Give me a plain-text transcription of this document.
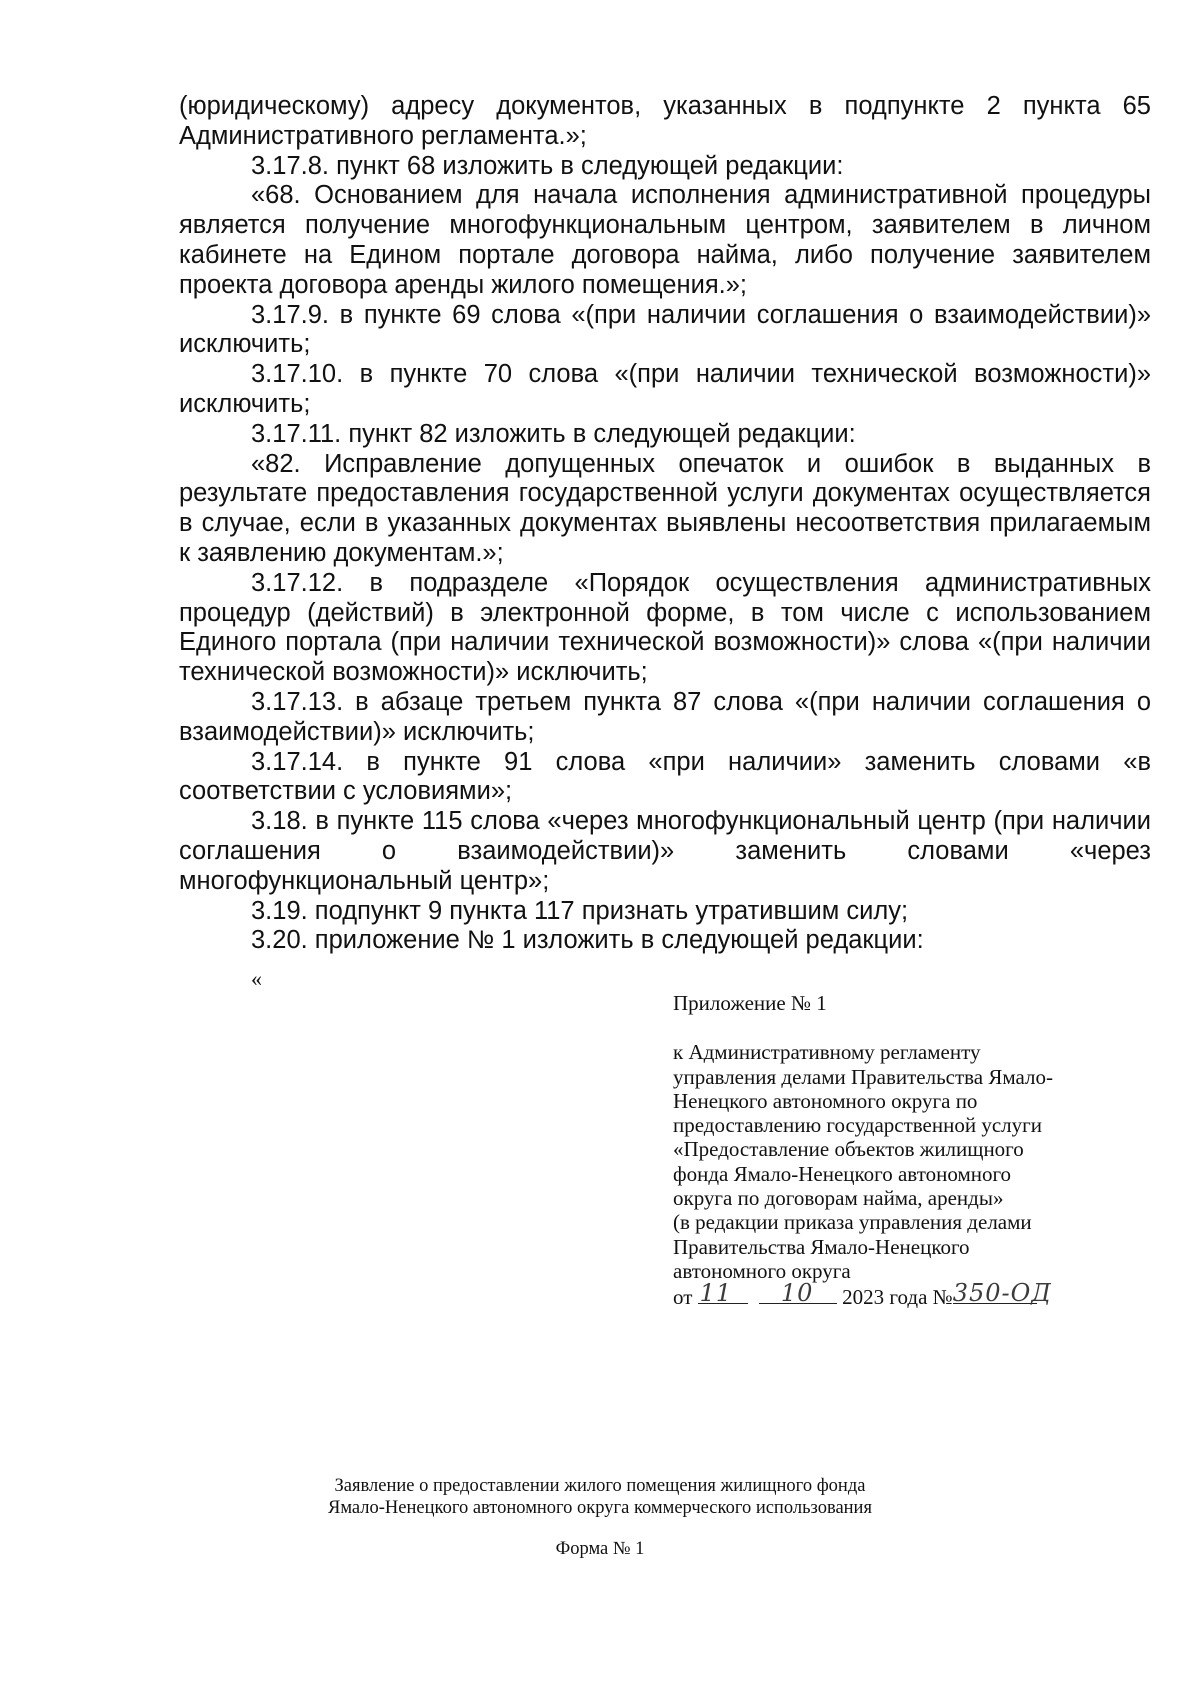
(юридическому) адресу документов, указанных в подпункте 2 пункта 65 Административного регламента.»;

3.17.8. пункт 68 изложить в следующей редакции:

«68. Основанием для начала исполнения административной процедуры является получение многофункциональным центром, заявителем в личном кабинете на Едином портале договора найма, либо получение заявителем проекта договора аренды жилого помещения.»;

3.17.9. в пункте 69 слова «(при наличии соглашения о взаимодействии)» исключить;

3.17.10. в пункте 70 слова «(при наличии технической возможности)» исключить;

3.17.11. пункт 82 изложить в следующей редакции:

«82. Исправление допущенных опечаток и ошибок в выданных в результате предоставления государственной услуги документах осуществляется в случае, если в указанных документах выявлены несоответствия прилагаемым к заявлению документам.»;

3.17.12. в подразделе «Порядок осуществления административных процедур (действий) в электронной форме, в том числе с использованием Единого портала (при наличии технической возможности)» слова «(при наличии технической возможности)» исключить;

3.17.13. в абзаце третьем пункта 87 слова «(при наличии соглашения о взаимодействии)» исключить;

3.17.14. в пункте 91 слова «при наличии» заменить словами «в соответствии с условиями»;

3.18. в пункте 115 слова «через многофункциональный центр (при наличии соглашения о взаимодействии)» заменить словами «через многофункциональный центр»;

3.19. подпункт 9 пункта 117 признать утратившим силу;

3.20. приложение № 1 изложить в следующей редакции:

«
Приложение № 1
к Административному регламенту
управления делами Правительства Ямало-
Ненецкого автономного округа по
предоставлению государственной услуги
«Предоставление объектов жилищного
фонда Ямало-Ненецкого автономного
округа по договорам найма, аренды»
(в редакции приказа управления делами
Правительства Ямало-Ненецкого
автономного округа
от 11
10 2023 года № 350-ОД
Заявление о предоставлении жилого помещения жилищного фонда
Ямало-Ненецкого автономного округа коммерческого использования
Форма № 1
